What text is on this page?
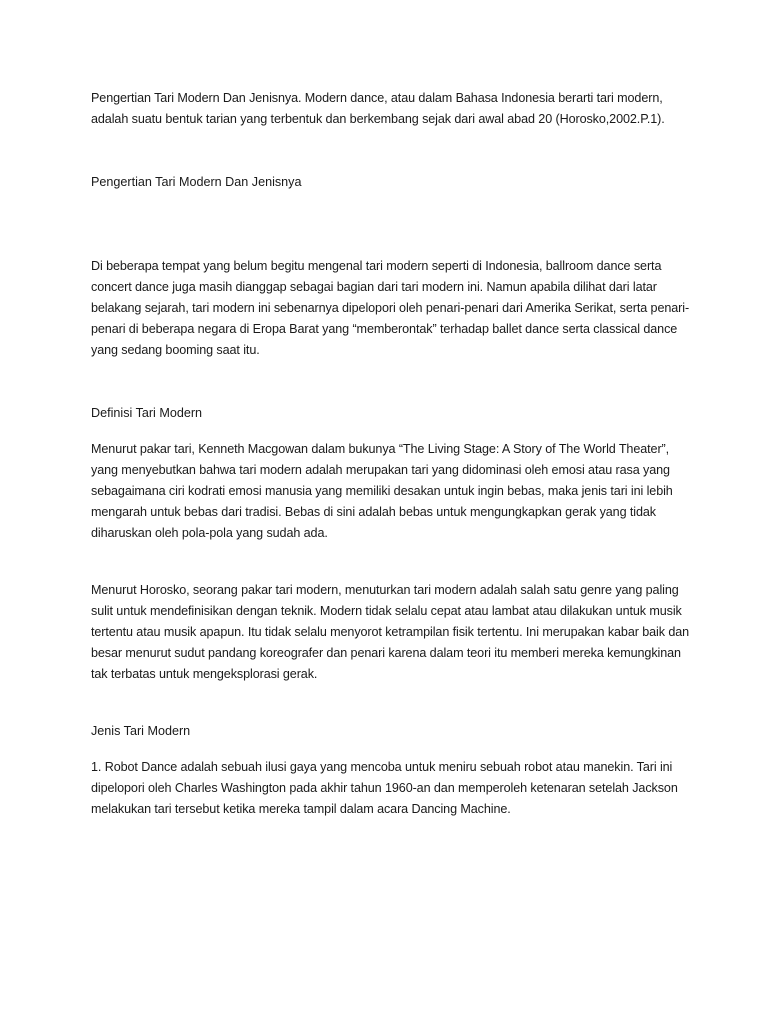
Pengertian Tari Modern Dan Jenisnya. Modern dance, atau dalam Bahasa Indonesia berarti tari modern, adalah suatu bentuk tarian yang terbentuk dan berkembang sejak dari awal abad 20 (Horosko,2002.P.1).

Pengertian Tari Modern Dan Jenisnya

Di beberapa tempat yang belum begitu mengenal tari modern seperti di Indonesia, ballroom dance serta concert dance juga masih dianggap sebagai bagian dari tari modern ini. Namun apabila dilihat dari latar belakang sejarah, tari modern ini sebenarnya dipelopori oleh penari-penari dari Amerika Serikat, serta penari-penari di beberapa negara di Eropa Barat yang “memberontak” terhadap ballet dance serta classical dance yang sedang booming saat itu.

Definisi Tari Modern

Menurut pakar tari, Kenneth Macgowan dalam bukunya “The Living Stage: A Story of The World Theater”, yang menyebutkan bahwa tari modern adalah merupakan tari yang didominasi oleh emosi atau rasa yang sebagaimana ciri kodrati emosi manusia yang memiliki desakan untuk ingin bebas, maka jenis tari ini lebih mengarah untuk bebas dari tradisi. Bebas di sini adalah bebas untuk mengungkapkan gerak yang tidak diharuskan oleh pola-pola yang sudah ada.

Menurut Horosko, seorang pakar tari modern, menuturkan tari modern adalah salah satu genre yang paling sulit untuk mendefinisikan dengan teknik. Modern tidak selalu cepat atau lambat atau dilakukan untuk musik tertentu atau musik apapun. Itu tidak selalu menyorot ketrampilan fisik tertentu. Ini merupakan kabar baik dan besar menurut sudut pandang koreografer dan penari karena dalam teori itu memberi mereka kemungkinan tak terbatas untuk mengeksplorasi gerak.

Jenis Tari Modern

1. Robot Dance adalah sebuah ilusi gaya yang mencoba untuk meniru sebuah robot atau manekin. Tari ini dipelopori oleh Charles Washington pada akhir tahun 1960-an dan memperoleh ketenaran setelah Jackson melakukan tari tersebut ketika mereka tampil dalam acara Dancing Machine.
